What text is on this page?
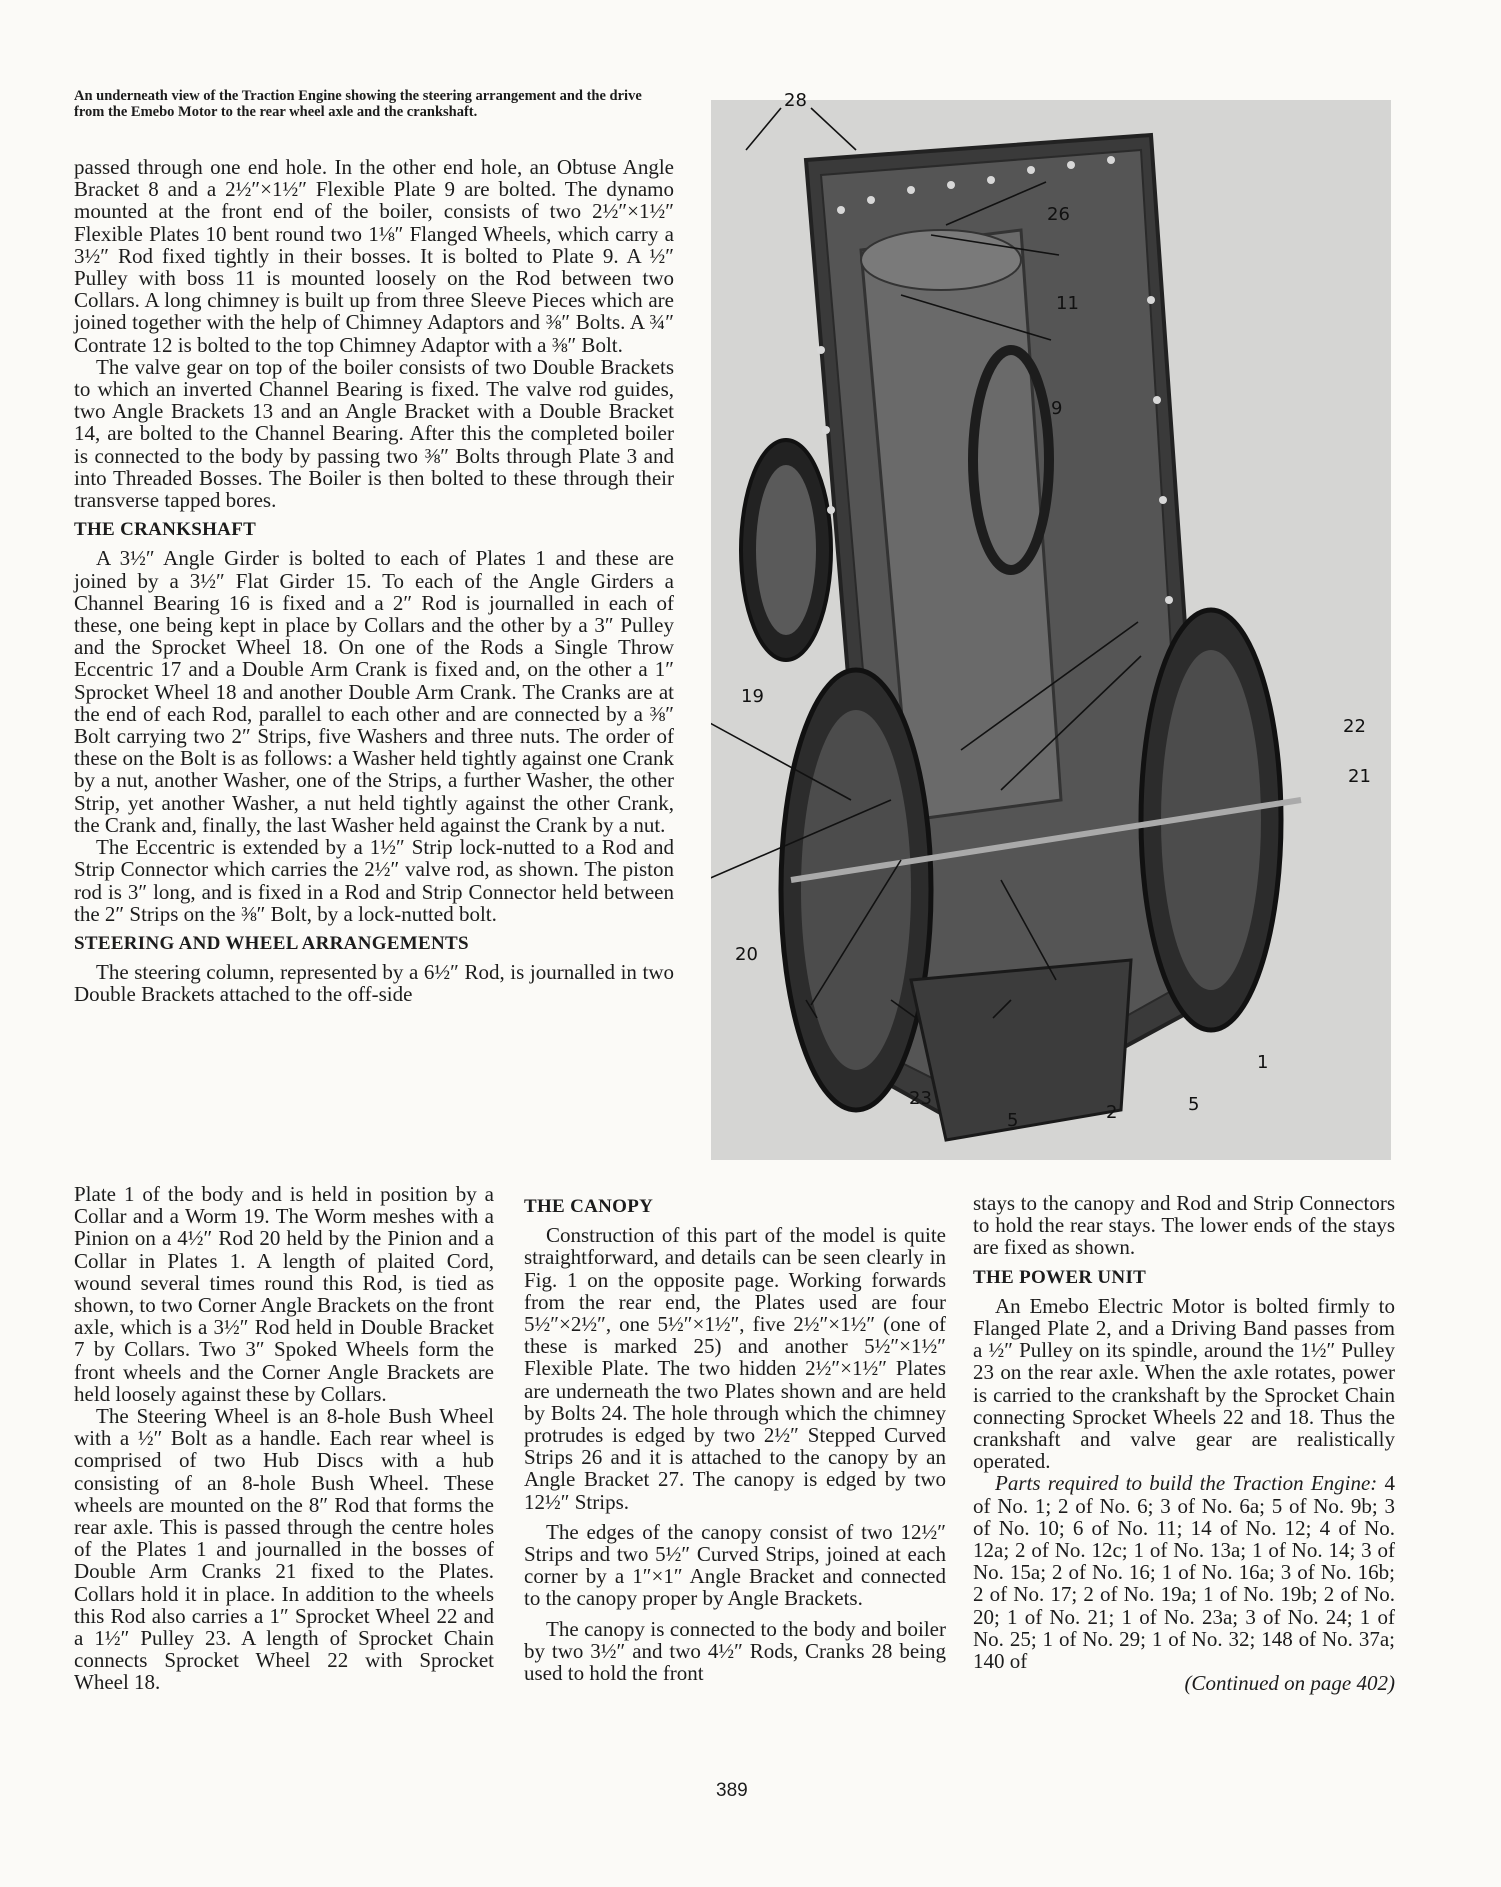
An underneath view of the Traction Engine showing the steering arrangement and the drive from the Emebo Motor to the rear wheel axle and the crankshaft.

passed through one end hole. In the other end hole, an Obtuse Angle Bracket 8 and a 2½″×1½″ Flexible Plate 9 are bolted. The dynamo mounted at the front end of the boiler, consists of two 2½″×1½″ Flexible Plates 10 bent round two 1⅛″ Flanged Wheels, which carry a 3½″ Rod fixed tightly in their bosses. It is bolted to Plate 9. A ½″ Pulley with boss 11 is mounted loosely on the Rod between two Collars. A long chimney is built up from three Sleeve Pieces which are joined together with the help of Chimney Adaptors and ⅜″ Bolts. A ¾″ Contrate 12 is bolted to the top Chimney Adaptor with a ⅜″ Bolt.

The valve gear on top of the boiler consists of two Double Brackets to which an inverted Channel Bearing is fixed. The valve rod guides, two Angle Brackets 13 and an Angle Bracket with a Double Bracket 14, are bolted to the Channel Bearing. After this the completed boiler is connected to the body by passing two ⅜″ Bolts through Plate 3 and into Threaded Bosses. The Boiler is then bolted to these through their transverse tapped bores.

THE CRANKSHAFT

A 3½″ Angle Girder is bolted to each of Plates 1 and these are joined by a 3½″ Flat Girder 15. To each of the Angle Girders a Channel Bearing 16 is fixed and a 2″ Rod is journalled in each of these, one being kept in place by Collars and the other by a 3″ Pulley and the Sprocket Wheel 18. On one of the Rods a Single Throw Eccentric 17 and a Double Arm Crank is fixed and, on the other a 1″ Sprocket Wheel 18 and another Double Arm Crank. The Cranks are at the end of each Rod, parallel to each other and are connected by a ⅜″ Bolt carrying two 2″ Strips, five Washers and three nuts. The order of these on the Bolt is as follows: a Washer held tightly against one Crank by a nut, another Washer, one of the Strips, a further Washer, the other Strip, yet another Washer, a nut held tightly against the other Crank, the Crank and, finally, the last Washer held against the Crank by a nut.

The Eccentric is extended by a 1½″ Strip lock-nutted to a Rod and Strip Connector which carries the 2½″ valve rod, as shown. The piston rod is 3″ long, and is fixed in a Rod and Strip Connector held between the 2″ Strips on the ⅜″ Bolt, by a lock-nutted bolt.

STEERING AND WHEEL ARRANGEMENTS

The steering column, represented by a 6½″ Rod, is journalled in two Double Brackets attached to the off-side

Plate 1 of the body and is held in position by a Collar and a Worm 19. The Worm meshes with a Pinion on a 4½″ Rod 20 held by the Pinion and a Collar in Plates 1. A length of plaited Cord, wound several times round this Rod, is tied as shown, to two Corner Angle Brackets on the front axle, which is a 3½″ Rod held in Double Bracket 7 by Collars. Two 3″ Spoked Wheels form the front wheels and the Corner Angle Brackets are held loosely against these by Collars.

The Steering Wheel is an 8-hole Bush Wheel with a ½″ Bolt as a handle. Each rear wheel is comprised of two Hub Discs with a hub consisting of an 8-hole Bush Wheel. These wheels are mounted on the 8″ Rod that forms the rear axle. This is passed through the centre holes of the Plates 1 and journalled in the bosses of Double Arm Cranks 21 fixed to the Plates. Collars hold it in place. In addition to the wheels this Rod also carries a 1″ Sprocket Wheel 22 and a 1½″ Pulley 23. A length of Sprocket Chain connects Sprocket Wheel 22 with Sprocket Wheel 18.

28
26
11
9
19
22
21
20
23
5	2	5
1
THE CANOPY

Construction of this part of the model is quite straightforward, and details can be seen clearly in Fig. 1 on the opposite page. Working forwards from the rear end, the Plates used are four 5½″×2½″, one 5½″×1½″, five 2½″×1½″ (one of these is marked 25) and another 5½″×1½″ Flexible Plate. The two hidden 2½″×1½″ Plates are underneath the two Plates shown and are held by Bolts 24. The hole through which the chimney protrudes is edged by two 2½″ Stepped Curved Strips 26 and it is attached to the canopy by an Angle Bracket 27. The canopy is edged by two 12½″ Strips.

The edges of the canopy consist of two 12½″ Strips and two 5½″ Curved Strips, joined at each corner by a 1″×1″ Angle Bracket and connected to the canopy proper by Angle Brackets.

The canopy is connected to the body and boiler by two 3½″ and two 4½″ Rods, Cranks 28 being used to hold the front

stays to the canopy and Rod and Strip Connectors to hold the rear stays. The lower ends of the stays are fixed as shown.

THE POWER UNIT

An Emebo Electric Motor is bolted firmly to Flanged Plate 2, and a Driving Band passes from a ½″ Pulley on its spindle, around the 1½″ Pulley 23 on the rear axle. When the axle rotates, power is carried to the crankshaft by the Sprocket Chain connecting Sprocket Wheels 22 and 18. Thus the crankshaft and valve gear are realistically operated.

Parts required to build the Traction Engine: 4 of No. 1; 2 of No. 6; 3 of No. 6a; 5 of No. 9b; 3 of No. 10; 6 of No. 11; 14 of No. 12; 4 of No. 12a; 2 of No. 12c; 1 of No. 13a; 1 of No. 14; 3 of No. 15a; 2 of No. 16; 1 of No. 16a; 3 of No. 16b; 2 of No. 17; 2 of No. 19a; 1 of No. 19b; 2 of No. 20; 1 of No. 21; 1 of No. 23a; 3 of No. 24; 1 of No. 25; 1 of No. 29; 1 of No. 32; 148 of No. 37a; 140 of

(Continued on page 402)

389
